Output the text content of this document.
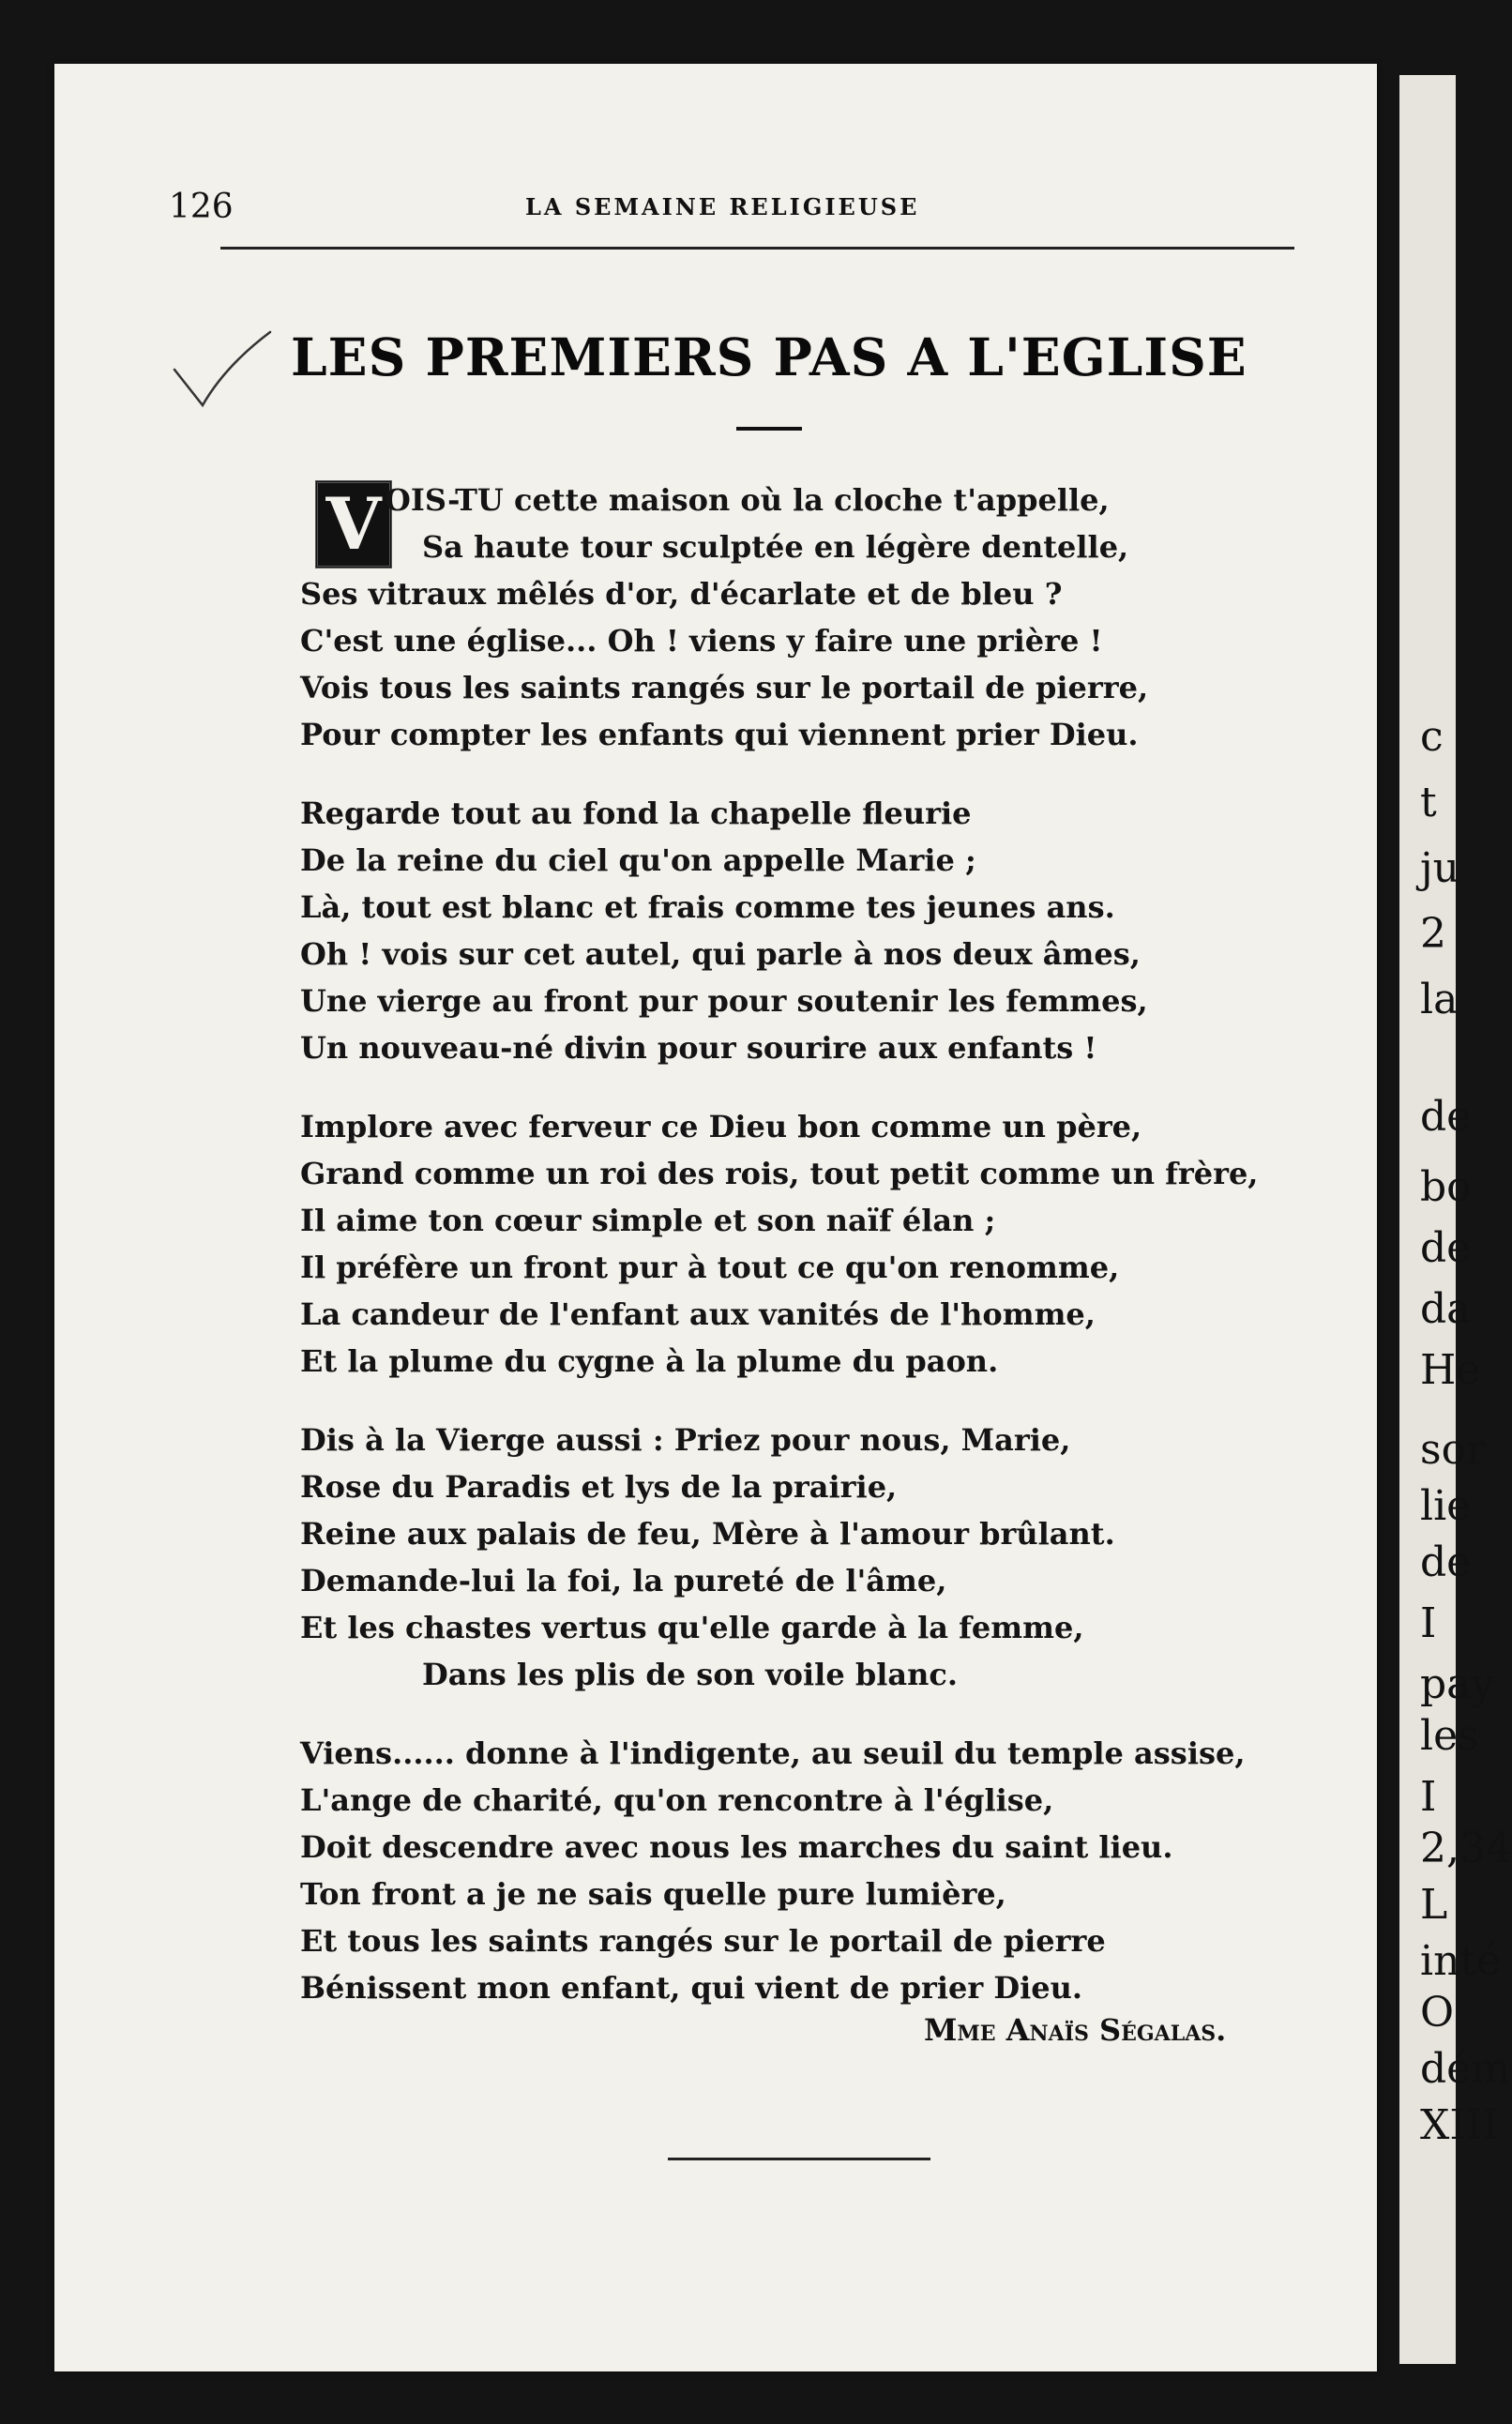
c
t
ju
2
la
de
bo
de
da
He
sor
lie
de
I
pay
les
I
2,34
L
inté
O
dém
XIII
126	LA SEMAINE RELIGIEUSE
LES PREMIERS PAS A L'EGLISE
V OIS-TU cette maison où la cloche t'appelle,
Sa haute tour sculptée en légère dentelle,
Ses vitraux mêlés d'or, d'écarlate et de bleu ?
C'est une église... Oh ! viens y faire une prière !
Vois tous les saints rangés sur le portail de pierre,
Pour compter les enfants qui viennent prier Dieu.
Regarde tout au fond la chapelle fleurie
De la reine du ciel qu'on appelle Marie ;
Là, tout est blanc et frais comme tes jeunes ans.
Oh ! vois sur cet autel, qui parle à nos deux âmes,
Une vierge au front pur pour soutenir les femmes,
Un nouveau-né divin pour sourire aux enfants !
Implore avec ferveur ce Dieu bon comme un père,
Grand comme un roi des rois, tout petit comme un frère,
Il aime ton cœur simple et son naïf élan ;
Il préfère un front pur à tout ce qu'on renomme,
La candeur de l'enfant aux vanités de l'homme,
Et la plume du cygne à la plume du paon.
Dis à la Vierge aussi : Priez pour nous, Marie,
Rose du Paradis et lys de la prairie,
Reine aux palais de feu, Mère à l'amour brûlant.
Demande-lui la foi, la pureté de l'âme,
Et les chastes vertus qu'elle garde à la femme,
Dans les plis de son voile blanc.
Viens...... donne à l'indigente, au seuil du temple assise,
L'ange de charité, qu'on rencontre à l'église,
Doit descendre avec nous les marches du saint lieu.
Ton front a je ne sais quelle pure lumière,
Et tous les saints rangés sur le portail de pierre
Bénissent mon enfant, qui vient de prier Dieu.
Mme Anaïs Ségalas.
